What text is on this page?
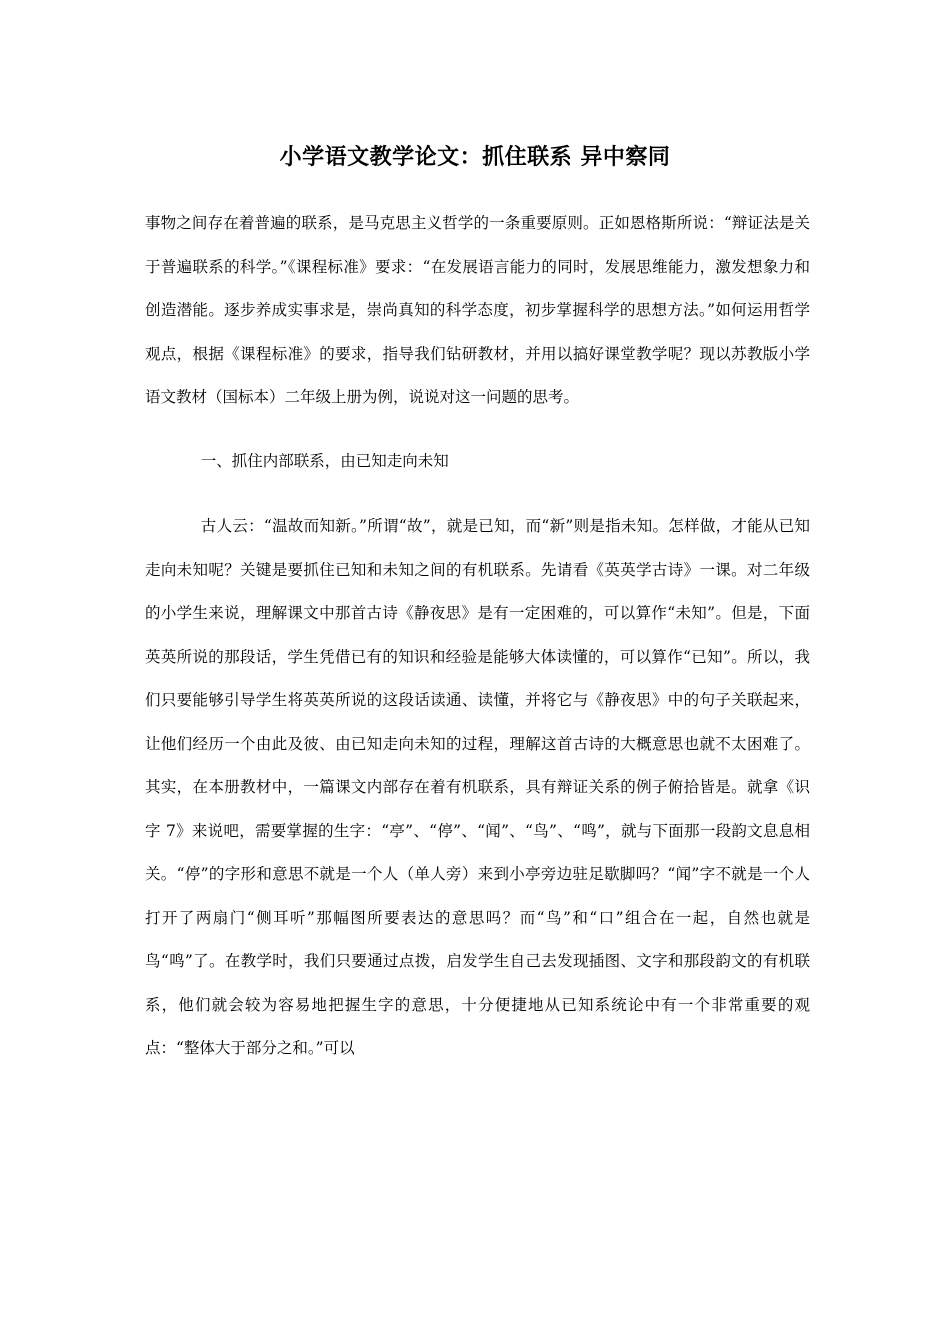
小学语文教学论文：抓住联系 异中察同

事物之间存在着普遍的联系，是马克思主义哲学的一条重要原则。正如恩格斯所说：“辩证法是关于普遍联系的科学。”《课程标准》要求：“在发展语言能力的同时，发展思维能力，激发想象力和创造潜能。逐步养成实事求是，崇尚真知的科学态度，初步掌握科学的思想方法。”如何运用哲学观点，根据《课程标准》的要求，指导我们钻研教材，并用以搞好课堂教学呢？现以苏教版小学语文教材（国标本）二年级上册为例，说说对这一问题的思考。

一、抓住内部联系，由已知走向未知

古人云：“温故而知新。”所谓“故”，就是已知，而“新”则是指未知。怎样做，才能从已知走向未知呢？关键是要抓住已知和未知之间的有机联系。先请看《英英学古诗》一课。对二年级的小学生来说，理解课文中那首古诗《静夜思》是有一定困难的，可以算作“未知”。但是，下面英英所说的那段话，学生凭借已有的知识和经验是能够大体读懂的，可以算作“已知”。所以，我们只要能够引导学生将英英所说的这段话读通、读懂，并将它与《静夜思》中的句子关联起来，让他们经历一个由此及彼、由已知走向未知的过程，理解这首古诗的大概意思也就不太困难了。其实，在本册教材中，一篇课文内部存在着有机联系，具有辩证关系的例子俯拾皆是。就拿《识字 7》来说吧，需要掌握的生字：“亭”、“停”、“闻”、“鸟”、“鸣”，就与下面那一段韵文息息相关。“停”的字形和意思不就是一个人（单人旁）来到小亭旁边驻足歇脚吗？“闻”字不就是一个人打开了两扇门“侧耳听”那幅图所要表达的意思吗？而“鸟”和“口”组合在一起，自然也就是鸟“鸣”了。在教学时，我们只要通过点拨，启发学生自己去发现插图、文字和那段韵文的有机联系，他们就会较为容易地把握生字的意思，十分便捷地从已知系统论中有一个非常重要的观点：“整体大于部分之和。”可以
